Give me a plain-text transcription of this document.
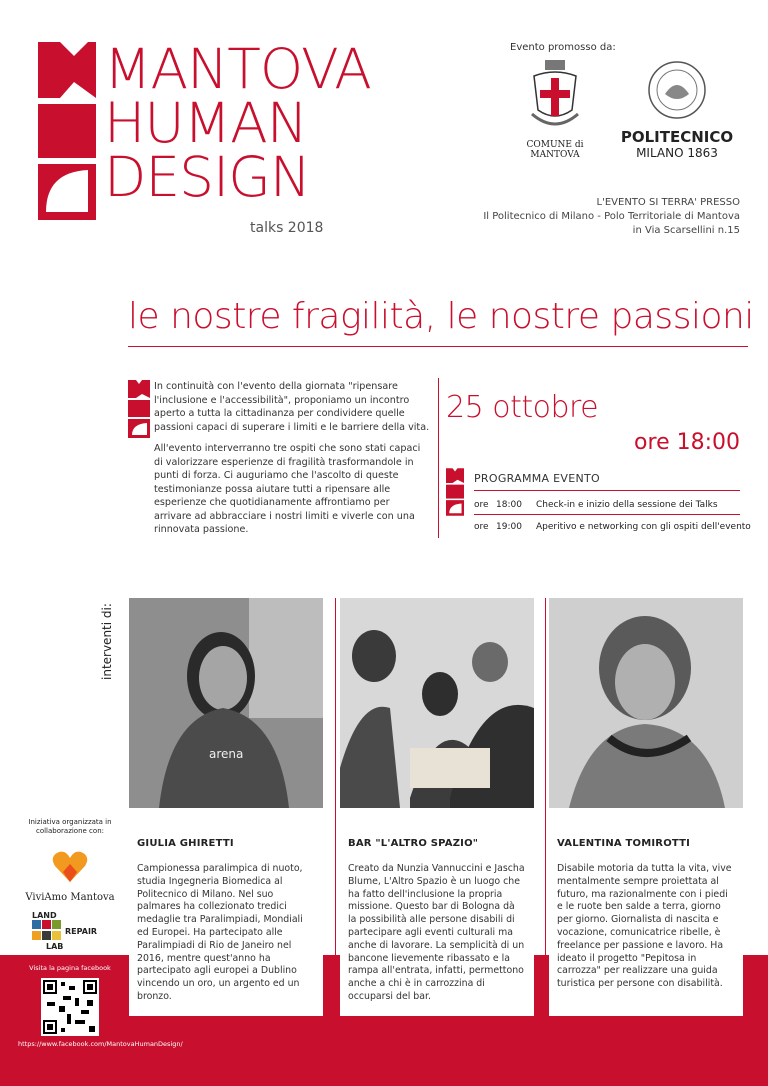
MANTOVA
HUMAN
DESIGN
talks 2018
Evento promosso da:
COMUNE di MANTOVA
POLITECNICO
MILANO 1863
L'EVENTO SI TERRA' PRESSO
Il Politecnico di Milano - Polo Territoriale di Mantova
in Via Scarsellini n.15
le nostre fragilità, le nostre passioni

In continuità con l'evento della giornata "ripensare l'inclusione e l'accessibilità", proponiamo un incontro aperto a tutta la cittadinanza per condividere quelle passioni capaci di superare i limiti e le barriere della vita.

All'evento interverranno tre ospiti che sono stati capaci di valorizzare esperienze di fragilità trasformandole in punti di forza. Ci auguriamo che l'ascolto di queste testimonianze possa aiutare tutti a ripensare alle esperienze che quotidianamente affrontiamo per arrivare ad abbracciare i nostri limiti e viverle con una rinnovata passione.

25 ottobre
ore 18:00
PROGRAMMA EVENTO
ore 18:00	Check-in e inizio della sessione dei Talks
ore 19:00	Aperitivo e networking con gli ospiti dell'evento
interventi di:
arena
GIULIA GHIRETTI
Campionessa paralimpica di nuoto, studia Ingegneria Biomedica al Politecnico di Milano. Nel suo palmares ha collezionato tredici medaglie tra Paralimpiadi, Mondiali ed Europei. Ha partecipato alle Paralimpiadi di Rio de Janeiro nel 2016, mentre quest'anno ha partecipato agli europei a Dublino vincendo un oro, un argento ed un bronzo.
BAR "L'ALTRO SPAZIO"
Creato da Nunzia Vannuccini e Jascha Blume, L'Altro Spazio è un luogo che ha fatto dell'inclusione la propria missione. Questo bar di Bologna dà la possibilità alle persone disabili di partecipare agli eventi culturali ma anche di lavorare. La semplicità di un bancone lievemente ribassato e la rampa all'entrata, infatti, permettono anche a chi è in carrozzina di occuparsi del bar.
VALENTINA TOMIROTTI
Disabile motoria da tutta la vita, vive mentalmente sempre proiettata al futuro, ma razionalmente con i piedi e le ruote ben salde a terra, giorno per giorno. Giornalista di nascita e vocazione, comunicatrice ribelle, è freelance per passione e lavoro. Ha ideato il progetto "Pepitosa in carrozza" per realizzare una guida turistica per persone con disabilità.
Iniziativa organizzata in collaborazione con:
ViviAmo Mantova
LAND
REPAIR
LAB
Visita la pagina facebook
https://www.facebook.com/MantovaHumanDesign/
